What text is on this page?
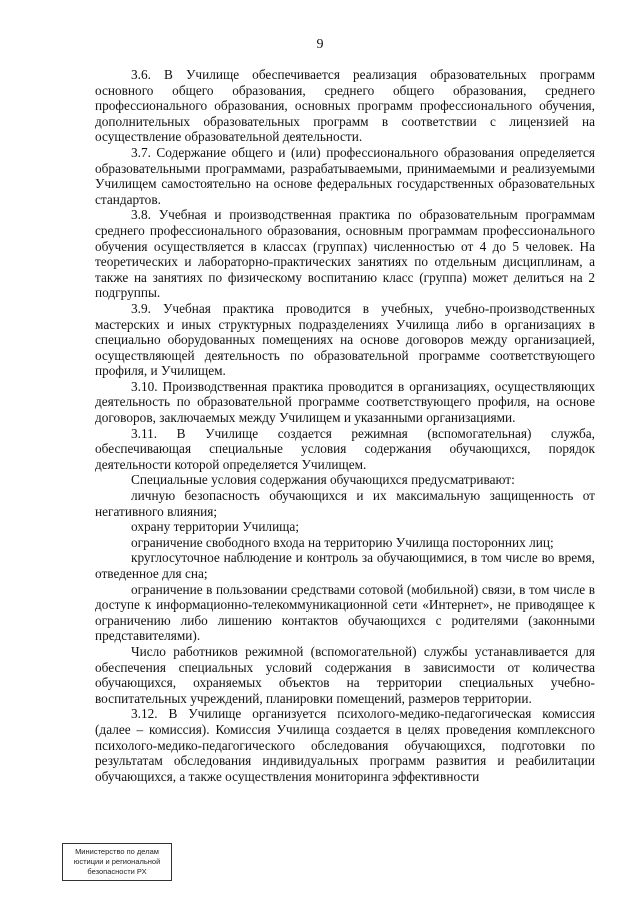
9

3.6. В Училище обеспечивается реализация образовательных программ основного общего образования, среднего общего образования, среднего профессионального образования, основных программ профессионального обучения, дополнительных образовательных программ в соответствии с лицензией на осуществление образовательной деятельности.

3.7. Содержание общего и (или) профессионального образования определяется образовательными программами, разрабатываемыми, принимаемыми и реализуемыми Училищем самостоятельно на основе федеральных государственных образовательных стандартов.

3.8. Учебная и производственная практика по образовательным программам среднего профессионального образования, основным программам профессионального обучения осуществляется в классах (группах) численностью от 4 до 5 человек. На теоретических и лабораторно-практических занятиях по отдельным дисциплинам, а также на занятиях по физическому воспитанию класс (группа) может делиться на 2 подгруппы.

3.9. Учебная практика проводится в учебных, учебно-производственных мастерских и иных структурных подразделениях Училища либо в организациях в специально оборудованных помещениях на основе договоров между организацией, осуществляющей деятельность по образовательной программе соответствующего профиля, и Училищем.

3.10. Производственная практика проводится в организациях, осуществляющих деятельность по образовательной программе соответствующего профиля, на основе договоров, заключаемых между Училищем и указанными организациями.

3.11. В Училище создается режимная (вспомогательная) служба, обеспечивающая специальные условия содержания обучающихся, порядок деятельности которой определяется Училищем.

Специальные условия содержания обучающихся предусматривают:

личную безопасность обучающихся и их максимальную защищенность от негативного влияния;

охрану территории Училища;

ограничение свободного входа на территорию Училища посторонних лиц;

круглосуточное наблюдение и контроль за обучающимися, в том числе во время, отведенное для сна;

ограничение в пользовании средствами сотовой (мобильной) связи, в том числе в доступе к информационно-телекоммуникационной сети «Интернет», не приводящее к ограничению либо лишению контактов обучающихся с родителями (законными представителями).

Число работников режимной (вспомогательной) службы устанавливается для обеспечения специальных условий содержания в зависимости от количества обучающихся, охраняемых объектов на территории специальных учебно-воспитательных учреждений, планировки помещений, размеров территории.

3.12. В Училище организуется психолого-медико-педагогическая комиссия (далее – комиссия). Комиссия Училища создается в целях проведения комплексного психолого-медико-педагогического обследования обучающихся, подготовки по результатам обследования индивидуальных программ развития и реабилитации обучающихся, а также осуществления мониторинга эффективности

Министерство по делам
юстиции и региональной
безопасности РХ
